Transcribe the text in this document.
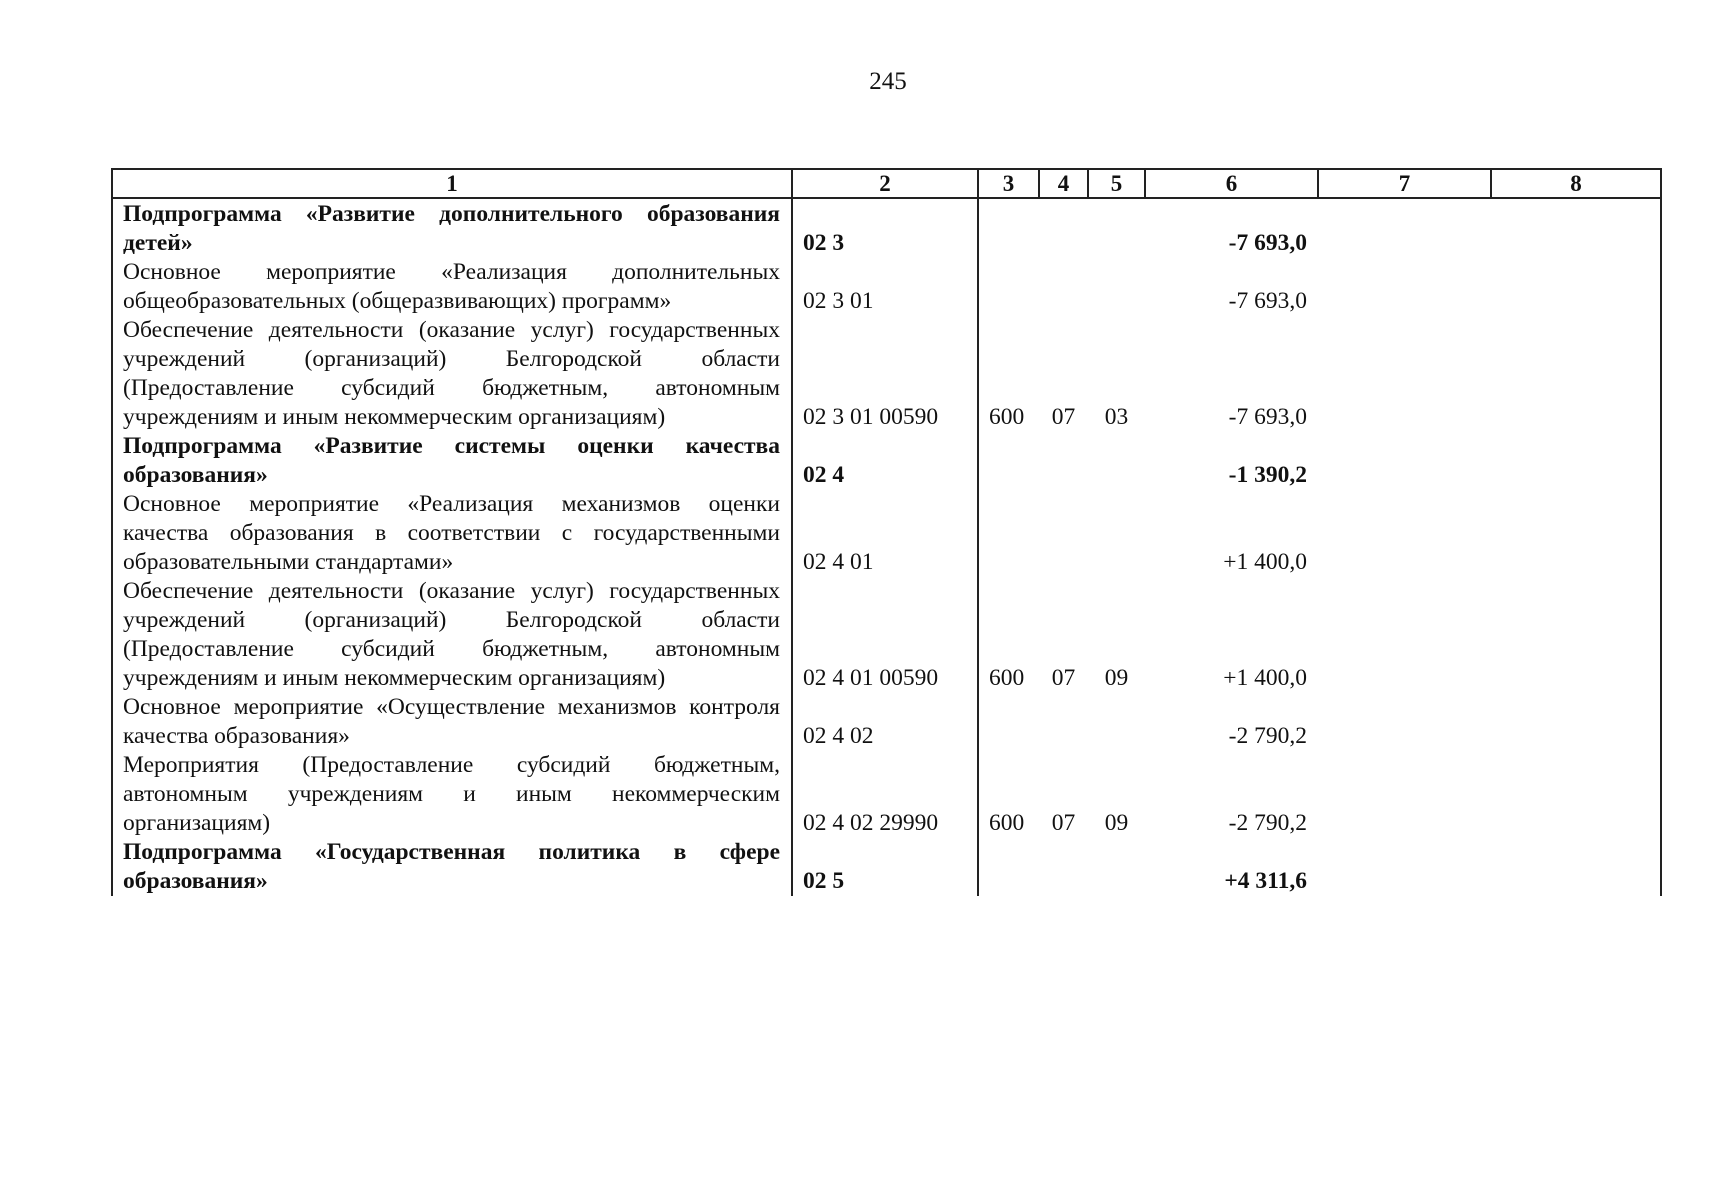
245
1	2	3	4	5	6	7	8
Подпрограмма «Развитие дополнительного образования детей»	02 3				-7 693,0		
Основное мероприятие «Реализация дополнительных общеобразовательных (общеразвивающих) программ»	02 3 01				-7 693,0		
Обеспечение деятельности (оказание услуг) государственных учреждений (организаций) Белгородской области (Предоставление субсидий бюджетным, автономным учреждениям и иным некоммерческим организациям)	02 3 01 00590	600	07	03	-7 693,0		
Подпрограмма «Развитие системы оценки качества образования»	02 4				-1 390,2		
Основное мероприятие «Реализация механизмов оценки качества образования в соответствии с государственными образовательными стандартами»	02 4 01				+1 400,0		
Обеспечение деятельности (оказание услуг) государственных учреждений (организаций) Белгородской области (Предоставление субсидий бюджетным, автономным учреждениям и иным некоммерческим организациям)	02 4 01 00590	600	07	09	+1 400,0		
Основное мероприятие «Осуществление механизмов контроля качества образования»	02 4 02				-2 790,2		
Мероприятия (Предоставление субсидий бюджетным, автономным учреждениям и иным некоммерческим организациям)	02 4 02 29990	600	07	09	-2 790,2		
Подпрограмма «Государственная политика в сфере образования»	02 5				+4 311,6		
